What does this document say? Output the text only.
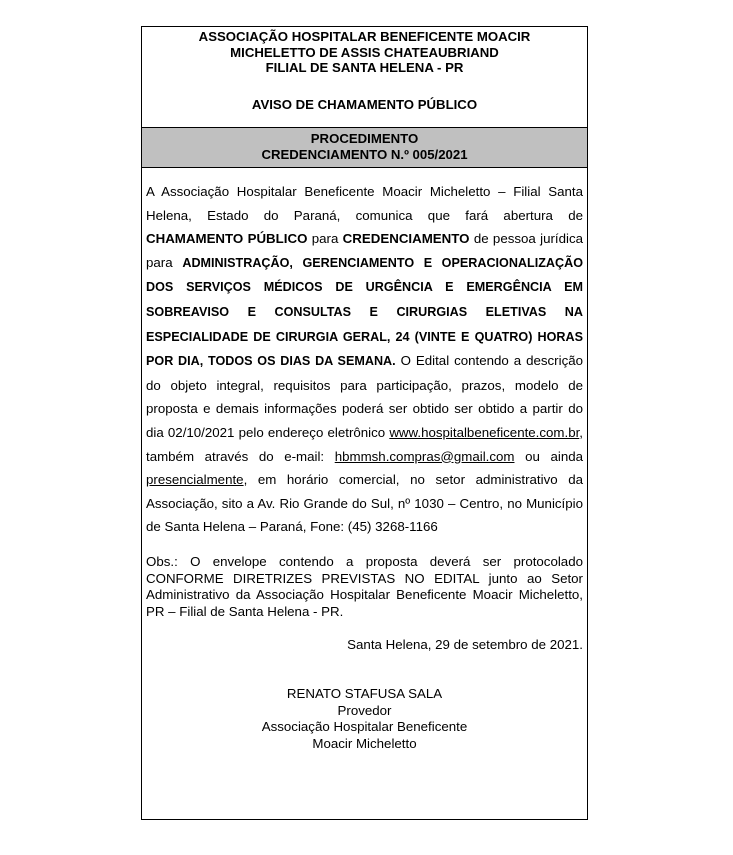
ASSOCIAÇÃO HOSPITALAR BENEFICENTE MOACIR
MICHELETTO DE ASSIS CHATEAUBRIAND
FILIAL DE SANTA HELENA - PR
AVISO DE CHAMAMENTO PÚBLICO
PROCEDIMENTO
CREDENCIAMENTO N.º 005/2021
A Associação Hospitalar Beneficente Moacir Micheletto – Filial Santa Helena, Estado do Paraná, comunica que fará abertura de CHAMAMENTO PÚBLICO para CREDENCIAMENTO de pessoa jurídica para ADMINISTRAÇÃO, GERENCIAMENTO E OPERACIONALIZAÇÃO DOS SERVIÇOS MÉDICOS DE URGÊNCIA E EMERGÊNCIA EM SOBREAVISO E CONSULTAS E CIRURGIAS ELETIVAS NA ESPECIALIDADE DE CIRURGIA GERAL, 24 (VINTE E QUATRO) HORAS POR DIA, TODOS OS DIAS DA SEMANA. O Edital contendo a descrição do objeto integral, requisitos para participação, prazos, modelo de proposta e demais informações poderá ser obtido ser obtido a partir do dia 02/10/2021 pelo endereço eletrônico www.hospitalbeneficente.com.br, também através do e-mail: hbmmsh.compras@gmail.com ou ainda presencialmente, em horário comercial, no setor administrativo da Associação, sito a Av. Rio Grande do Sul, nº 1030 – Centro, no Município de Santa Helena – Paraná, Fone: (45) 3268-1166
Obs.: O envelope contendo a proposta deverá ser protocolado CONFORME DIRETRIZES PREVISTAS NO EDITAL junto ao Setor Administrativo da Associação Hospitalar Beneficente Moacir Micheletto, PR – Filial de Santa Helena - PR.
Santa Helena, 29 de setembro de 2021.
RENATO STAFUSA SALA
Provedor
Associação Hospitalar Beneficente
Moacir Micheletto
